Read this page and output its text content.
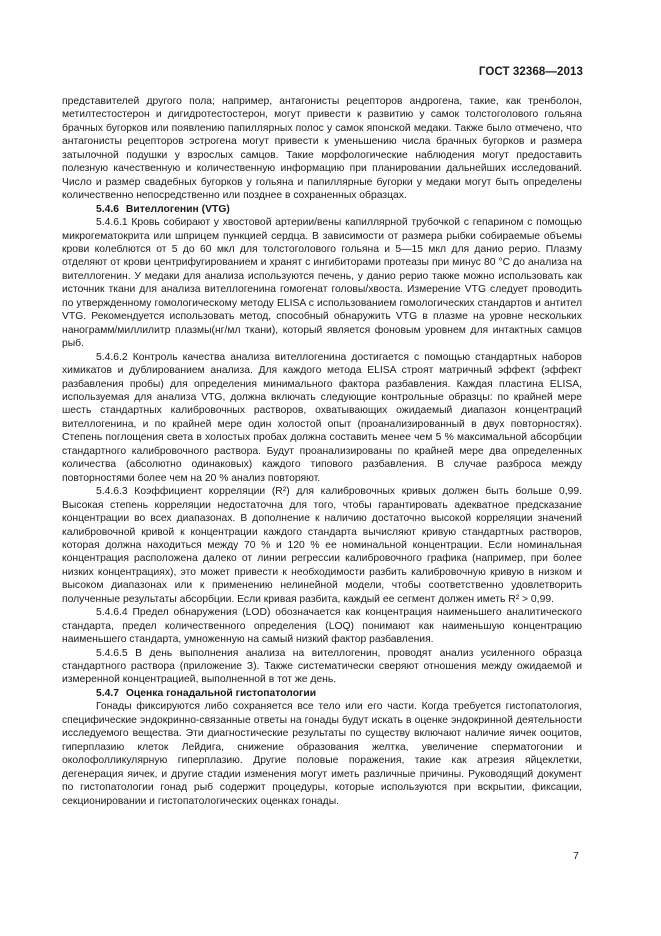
ГОСТ 32368—2013

представителей другого пола; например, антагонисты рецепторов андрогена, такие, как тренболон, метилтестостерон и дигидротестостерон, могут привести к развитию у самок толстоголового гольяна брачных бугорков или появлению папиллярных полос у самок японской медаки. Также было отмечено, что антагонисты рецепторов эстрогена могут привести к уменьшению числа брачных бугорков и размера затылочной подушки у взрослых самцов. Такие морфологические наблюдения могут предоставить полезную качественную и количественную информацию при планировании дальнейших исследований. Число и размер свадебных бугорков у гольяна и папиллярные бугорки у медаки могут быть определены количественно непосредственно или позднее в сохраненных образцах.

5.4.6 Вителлогенин (VTG)

5.4.6.1 Кровь собирают у хвостовой артерии/вены капиллярной трубочкой с гепарином с помощью микрогематокрита или шприцем пункцией сердца. В зависимости от размера рыбки собираемые объемы крови колеблются от 5 до 60 мкл для толстоголового гольяна и 5—15 мкл для данио рерио. Плазму отделяют от крови центрифугированием и хранят с ингибиторами протеазы при минус 80 °С до анализа на вителлогенин. У медаки для анализа используются печень, у данио рерио также можно использовать как источник ткани для анализа вителлогенина гомогенат головы/хвоста. Измерение VTG следует проводить по утвержденному гомологическому методу ELISA с использованием гомологических стандартов и антител VTG. Рекомендуется использовать метод, способный обнаружить VTG в плазме на уровне нескольких нанограмм/миллилитр плазмы(нг/мл ткани), который является фоновым уровнем для интактных самцов рыб.

5.4.6.2 Контроль качества анализа вителлогенина достигается с помощью стандартных наборов химикатов и дублированием анализа. Для каждого метода ELISA строят матричный эффект (эффект разбавления пробы) для определения минимального фактора разбавления. Каждая пластина ELISA, используемая для анализа VTG, должна включать следующие контрольные образцы: по крайней мере шесть стандартных калибровочных растворов, охватывающих ожидаемый диапазон концентраций вителлогенина, и по крайней мере один холостой опыт (проанализированный в двух повторностях). Степень поглощения света в холостых пробах должна составить менее чем 5 % максимальной абсорбции стандартного калибровочного раствора. Будут проанализированы по крайней мере два определенных количества (абсолютно одинаковых) каждого типового разбавления. В случае разброса между повторностями более чем на 20 % анализ повторяют.

5.4.6.3 Коэффициент корреляции (R²) для калибровочных кривых должен быть больше 0,99. Высокая степень корреляции недостаточна для того, чтобы гарантировать адекватное предсказание концентрации во всех диапазонах. В дополнение к наличию достаточно высокой корреляции значений калибровочной кривой к концентрации каждого стандарта вычисляют кривую стандартных растворов, которая должна находиться между 70 % и 120 % ее номинальной концентрации. Если номинальная концентрация расположена далеко от линии регрессии калибровочного графика (например, при более низких концентрациях), это может привести к необходимости разбить калибровочную кривую в низком и высоком диапазонах или к применению нелинейной модели, чтобы соответственно удовлетворить полученные результаты абсорбции. Если кривая разбита, каждый ее сегмент должен иметь R² > 0,99.

5.4.6.4 Предел обнаружения (LOD) обозначается как концентрация наименьшего аналитического стандарта, предел количественного определения (LOQ) понимают как наименьшую концентрацию наименьшего стандарта, умноженную на самый низкий фактор разбавления.

5.4.6.5 В день выполнения анализа на вителлогенин, проводят анализ усиленного образца стандартного раствора (приложение З). Также систематически сверяют отношения между ожидаемой и измеренной концентрацией, выполненной в тот же день.

5.4.7 Оценка гонадальной гистопатологии

Гонады фиксируются либо сохраняется все тело или его части. Когда требуется гистопатология, специфические эндокринно-связанные ответы на гонады будут искать в оценке эндокринной деятельности исследуемого вещества. Эти диагностические результаты по существу включают наличие яичек ооцитов, гиперплазию клеток Лейдига, снижение образования желтка, увеличение сперматогонии и околофолликулярную гиперплазию. Другие половые поражения, такие как атрезия яйцеклетки, дегенерация яичек, и другие стадии изменения могут иметь различные причины. Руководящий документ по гистопатологии гонад рыб содержит процедуры, которые используются при вскрытии, фиксации, секционировании и гистопатологических оценках гонады.

7
